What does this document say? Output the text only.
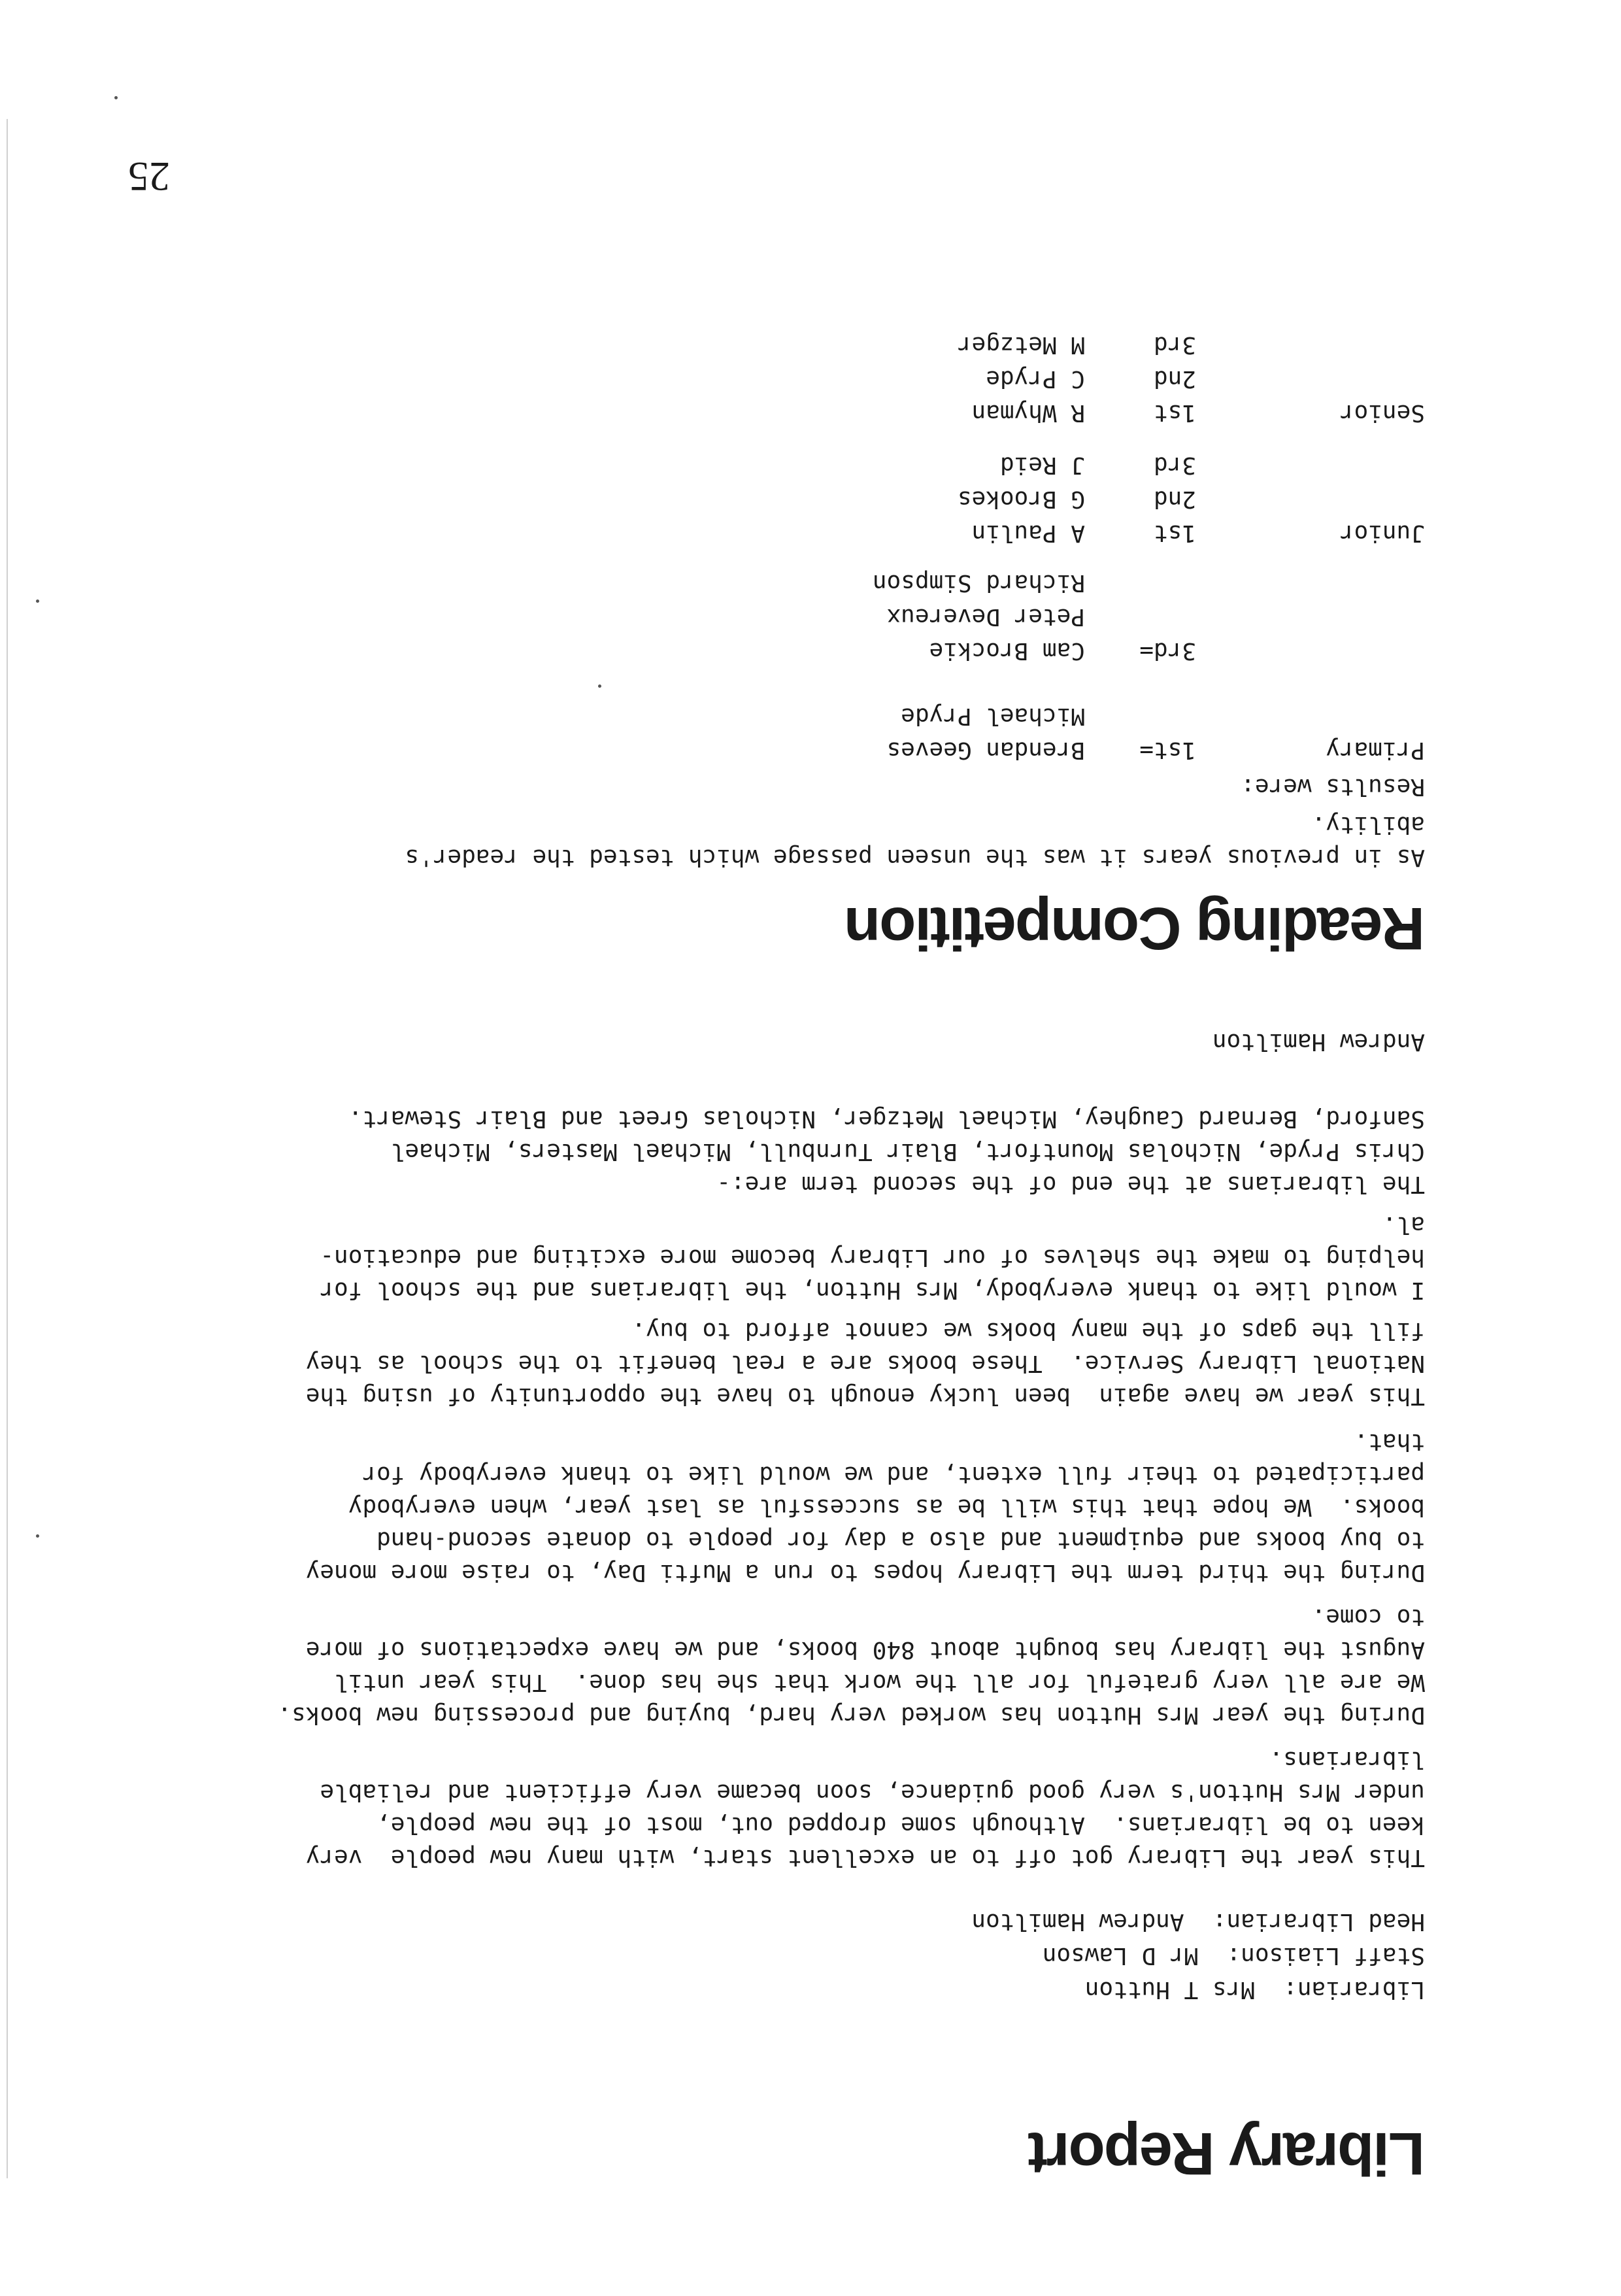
Library Report

Librarian:  Mrs T Hutton

Staff Liaison:  Mr D Lawson

Head Librarian:  Andrew Hamilton

This year the Library got off to an excellent start, with many new people  very
keen to be librarians.  Although some dropped out, most of the new people,
under Mrs Hutton's very good guidance, soon became very efficient and reliable
librarians.
During the year Mrs Hutton has worked very hard, buying and processing new books.
We are all very grateful for all the work that she has done.  This year until
August the library has bought about 840 books, and we have expectations of more
to come.
During the third term the Library hopes to run a Mufti Day, to raise more money
to buy books and equipment and also a day for people to donate second-hand
books.  We hope that this will be as successful as last year, when everybody
participated to their full extent, and we would like to thank everybody for
that.
This year we have again  been lucky enough to have the opportunity of using the
National Library Service.  These books are a real benefit to the school as they
fill the gaps of the many books we cannot afford to buy.
I would like to thank everybody, Mrs Hutton, the librarians and the school for
helping to make the shelves of our Library become more exciting and education-
al.
The librarians at the end of the second term are:-
Chris Pryde, Nicholas Mountfort, Blair Turnbull, Michael Masters, Michael
Sanford, Bernard Caughey, Michael Metzger, Nicholas Greet and Blair Stewart.

Andrew Hamilton

Reading Competition
As in previous years it was the unseen passage which tested the reader's
ability.

Results were:

Primary
1st=
Brendan Geeves
Michael Pryde
3rd=
Cam Brockie
Peter Devereux
Richard Simpson
Junior
1st
A Paulin
2nd
G Brookes
3rd
J Reid
Senior
1st
R Whyman
2nd
C Pryde
3rd
M Metzger

25
